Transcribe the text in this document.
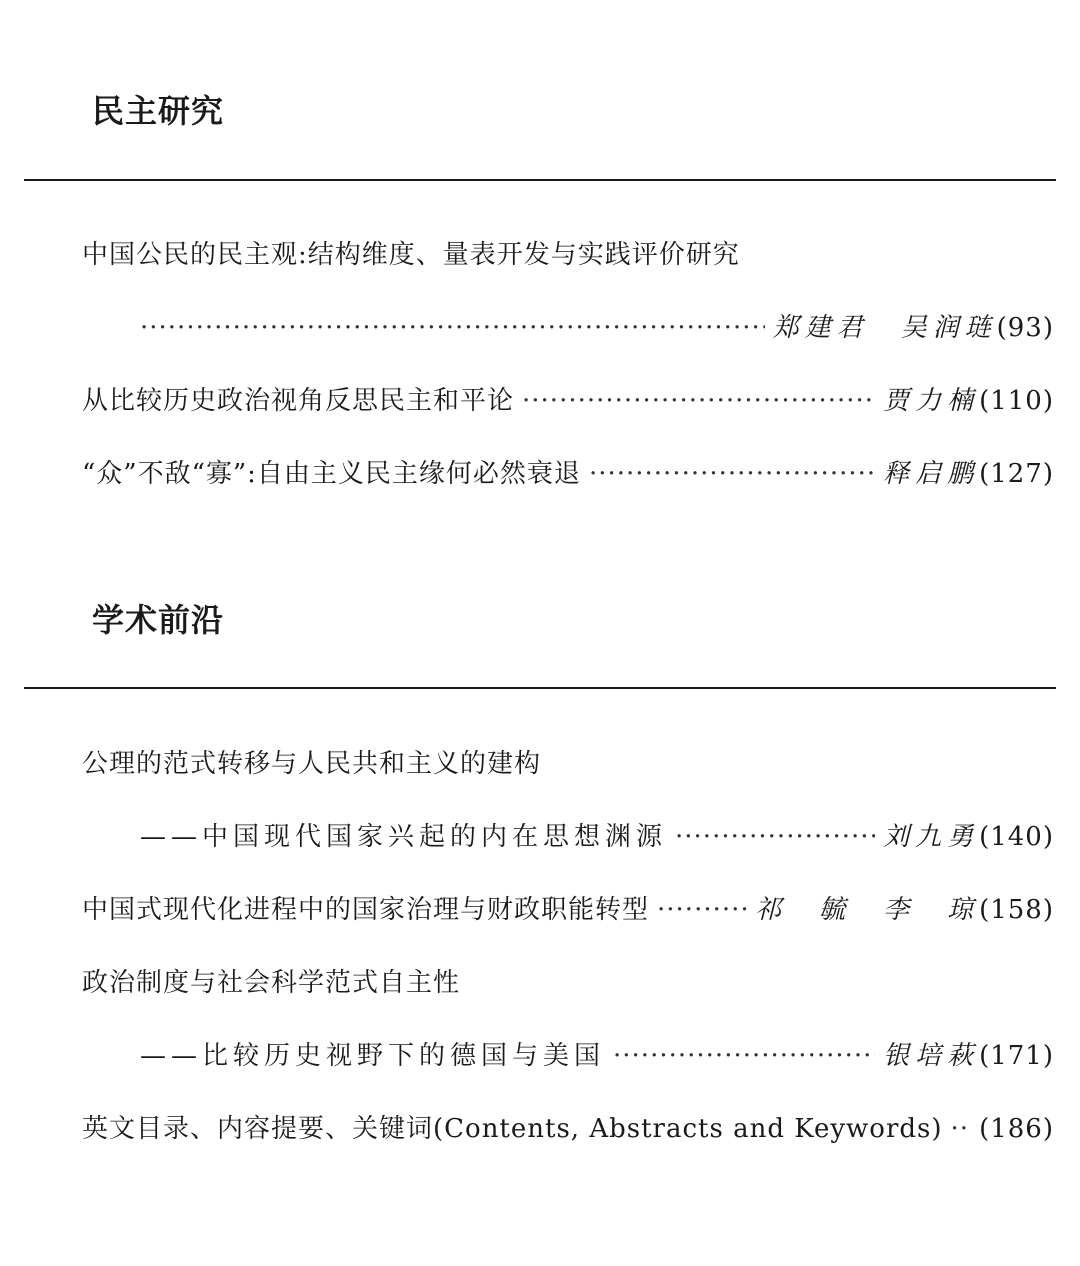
民主研究
中国公民的民主观:结构维度、量表开发与实践评价研究
·····
郑建君　吴润琏 (93)
从比较历史政治视角反思民主和平论 ·····	贾力楠 (110)
“众”不敌“寡”:自由主义民主缘何必然衰退 ·····	释启鹏 (127)
学术前沿
公理的范式转移与人民共和主义的建构
——中国现代国家兴起的内在思想渊源 ·····	刘九勇 (140)
中国式现代化进程中的国家治理与财政职能转型 ·····	祁　毓　李　琼 (158)
政治制度与社会科学范式自主性
——比较历史视野下的德国与美国 ·····	银培萩 (171)
英文目录、内容提要、关键词(Contents, Abstracts and Keywords) ····· (186)
